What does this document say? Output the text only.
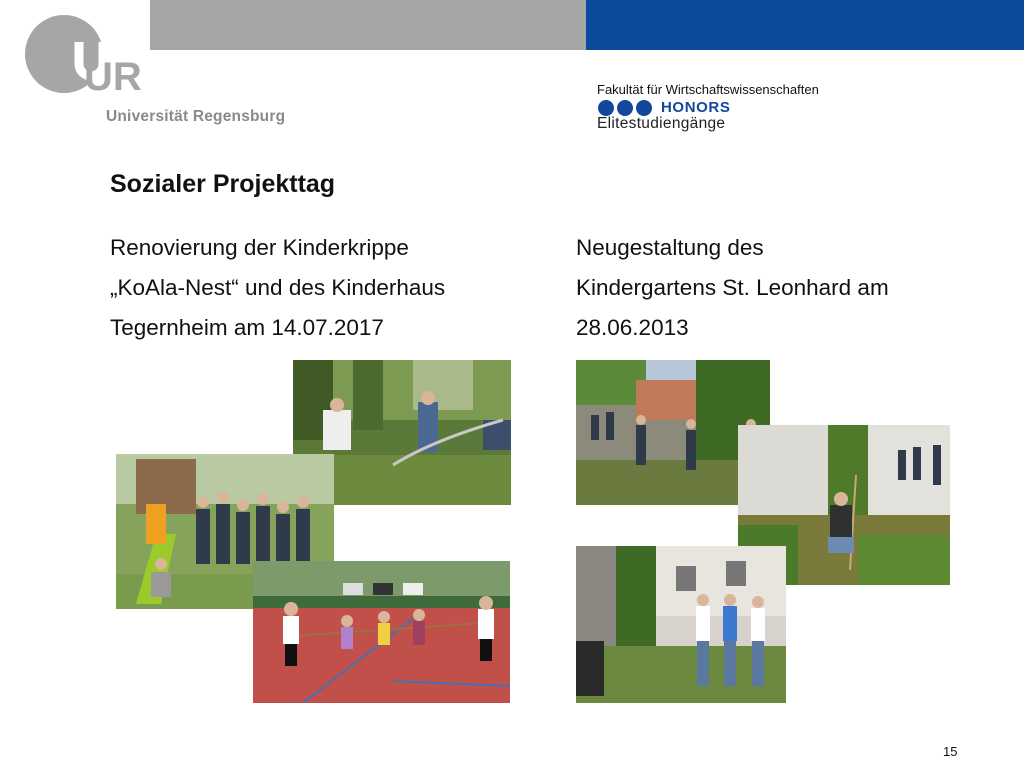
UR
Universität Regensburg
Fakultät für Wirtschaftswissenschaften
HONORS
Elitestudiengänge
Sozialer Projekttag
Renovierung der Kinderkrippe
„KoAla-Nest“ und des Kinderhaus
Tegernheim am 14.07.2017
Neugestaltung des
Kindergartens St. Leonhard am
28.06.2013
15
